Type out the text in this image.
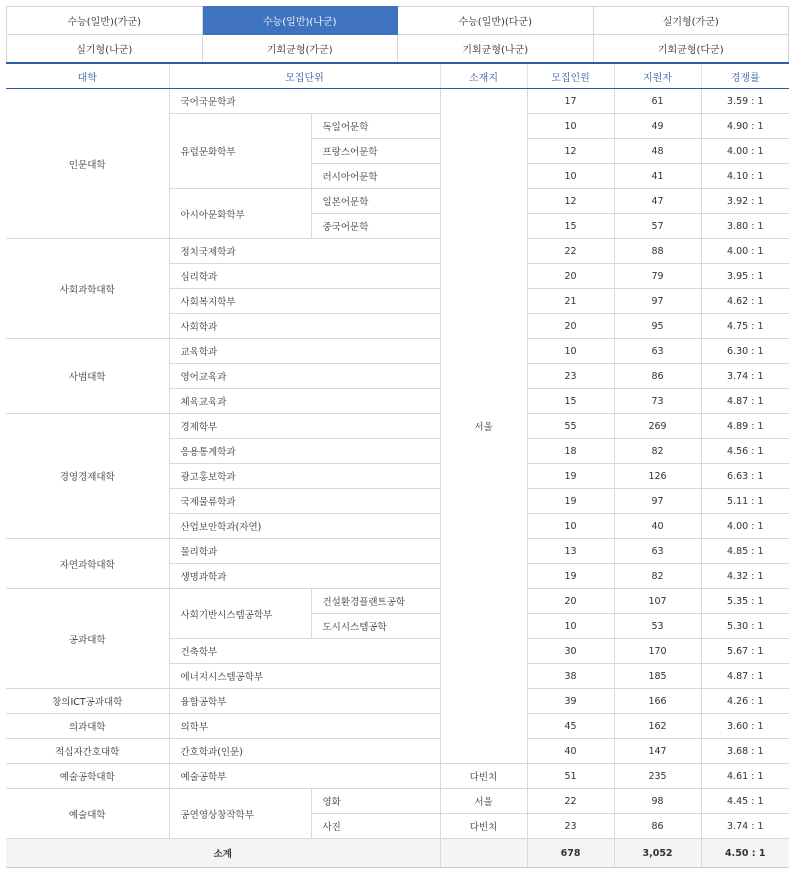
수능(일반)(가군)	수능(일반)(나군)	수능(일반)(다군)	실기형(가군)
실기형(나군)	기회균형(가군)	기회균형(나군)	기회균형(다군)
대학	모집단위		소재지	모집인원	지원자	경쟁률
인문대학	국어국문학과		서울	17	61	3.59 : 1
	유럽문화학부	독일어문학		10	49	4.90 : 1
		프랑스어문학		12	48	4.00 : 1
		러시아어문학		10	41	4.10 : 1
	아시아문화학부	일본어문학		12	47	3.92 : 1
		중국어문학		15	57	3.80 : 1
사회과학대학	정치국제학과			22	88	4.00 : 1
	심리학과			20	79	3.95 : 1
	사회복지학부			21	97	4.62 : 1
	사회학과			20	95	4.75 : 1
사범대학	교육학과			10	63	6.30 : 1
	영어교육과			23	86	3.74 : 1
	체육교육과			15	73	4.87 : 1
경영경제대학	경제학부			55	269	4.89 : 1
	응용통계학과			18	82	4.56 : 1
	광고홍보학과			19	126	6.63 : 1
	국제물류학과			19	97	5.11 : 1
	산업보안학과(자연)			10	40	4.00 : 1
자연과학대학	물리학과			13	63	4.85 : 1
	생명과학과			19	82	4.32 : 1
공과대학	사회기반시스템공학부	건설환경플랜트공학		20	107	5.35 : 1
		도시시스템공학		10	53	5.30 : 1
	건축학부			30	170	5.67 : 1
	에너지시스템공학부			38	185	4.87 : 1
창의ICT공과대학	융합공학부			39	166	4.26 : 1
의과대학	의학부			45	162	3.60 : 1
적십자간호대학	간호학과(인문)			40	147	3.68 : 1
예술공학대학	예술공학부		다빈치	51	235	4.61 : 1
예술대학	공연영상창작학부	영화	서울	22	98	4.45 : 1
		사진	다빈치	23	86	3.74 : 1
소계				678	3,052	4.50 : 1
